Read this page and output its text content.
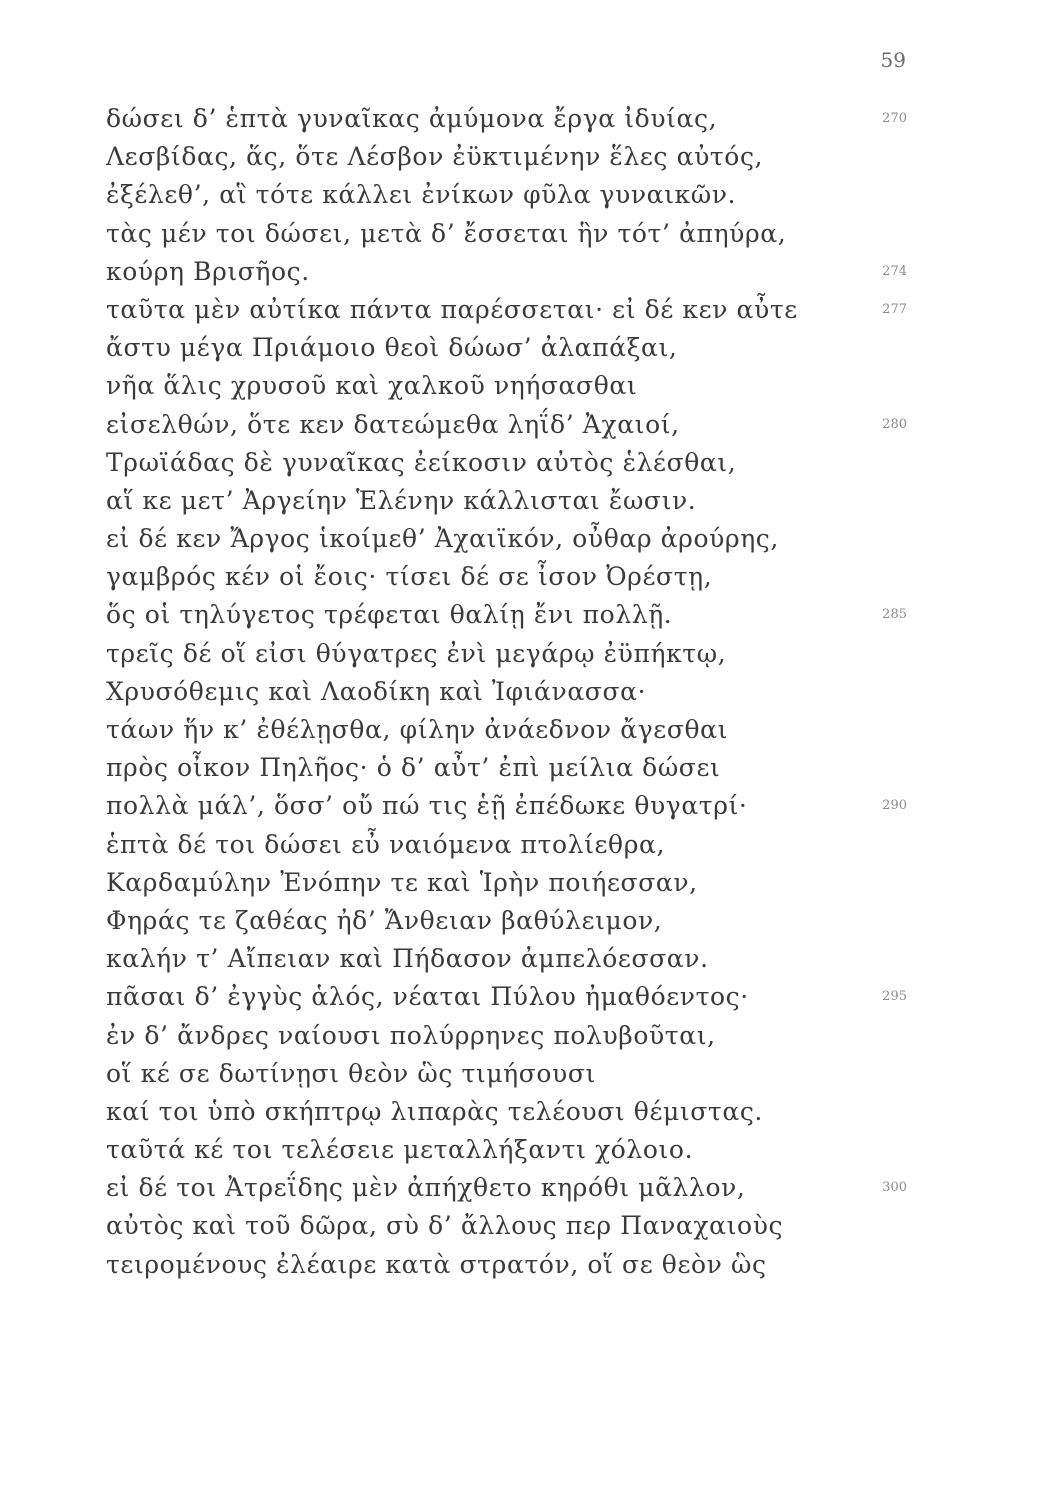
59
δώσει δ’ ἑπτὰ γυναῖκας ἀμύμονα ἔργα ἰδυίας,	270
Λεσβίδας, ἅς, ὅτε Λέσβον ἐϋκτιμένην ἕλες αὐτός,
ἐξέλεθ’, αἳ τότε κάλλει ἐνίκων φῦλα γυναικῶν.
τὰς μέν τοι δώσει, μετὰ δ’ ἔσσεται ἣν τότ’ ἀπηύρα,
κούρη Βρισῆος.	274
ταῦτα μὲν αὐτίκα πάντα παρέσσεται· εἰ δέ κεν αὖτε	277
ἄστυ μέγα Πριάμοιο θεοὶ δώωσ’ ἀλαπάξαι,
νῆα ἅλις χρυσοῦ καὶ χαλκοῦ νηήσασθαι
εἰσελθών, ὅτε κεν δατεώμεθα ληΐδ’ Ἀχαιοί,	280
Τρωϊάδας δὲ γυναῖκας ἐείκοσιν αὐτὸς ἑλέσθαι,
αἵ κε μετ’ Ἀργείην Ἑλένην κάλλισται ἔωσιν.
εἰ δέ κεν Ἄργος ἱκοίμεθ’ Ἀχαιϊκόν, οὖθαρ ἀρούρης,
γαμβρός κέν οἱ ἔοις· τίσει δέ σε ἶσον Ὀρέστῃ,
ὅς οἱ τηλύγετος τρέφεται θαλίῃ ἔνι πολλῇ.	285
τρεῖς δέ οἵ εἰσι θύγατρες ἐνὶ μεγάρῳ ἐϋπήκτῳ,
Χρυσόθεμις καὶ Λαοδίκη καὶ Ἰφιάνασσα·
τάων ἥν κ’ ἐθέλῃσθα, φίλην ἀνάεδνον ἄγεσθαι
πρὸς οἶκον Πηλῆος· ὁ δ’ αὖτ’ ἐπὶ μείλια δώσει
πολλὰ μάλ’, ὅσσ’ οὔ πώ τις ἑῇ ἐπέδωκε θυγατρί·	290
ἑπτὰ δέ τοι δώσει εὖ ναιόμενα πτολίεθρα,
Καρδαμύλην Ἐνόπην τε καὶ Ἱρὴν ποιήεσσαν,
Φηράς τε ζαθέας ἠδ’ Ἄνθειαν βαθύλειμον,
καλήν τ’ Αἴπειαν καὶ Πήδασον ἀμπελόεσσαν.
πᾶσαι δ’ ἐγγὺς ἁλός, νέαται Πύλου ἠμαθόεντος·	295
ἐν δ’ ἄνδρες ναίουσι πολύρρηνες πολυβοῦται,
οἵ κέ σε δωτίνῃσι θεὸν ὣς τιμήσουσι
καί τοι ὑπὸ σκήπτρῳ λιπαρὰς τελέουσι θέμιστας.
ταῦτά κέ τοι τελέσειε μεταλλήξαντι χόλοιο.
εἰ δέ τοι Ἀτρεΐδης μὲν ἀπήχθετο κηρόθι μᾶλλον,	300
αὐτὸς καὶ τοῦ δῶρα, σὺ δ’ ἄλλους περ Παναχαιοὺς
τειρομένους ἐλέαιρε κατὰ στρατόν, οἵ σε θεὸν ὣς
